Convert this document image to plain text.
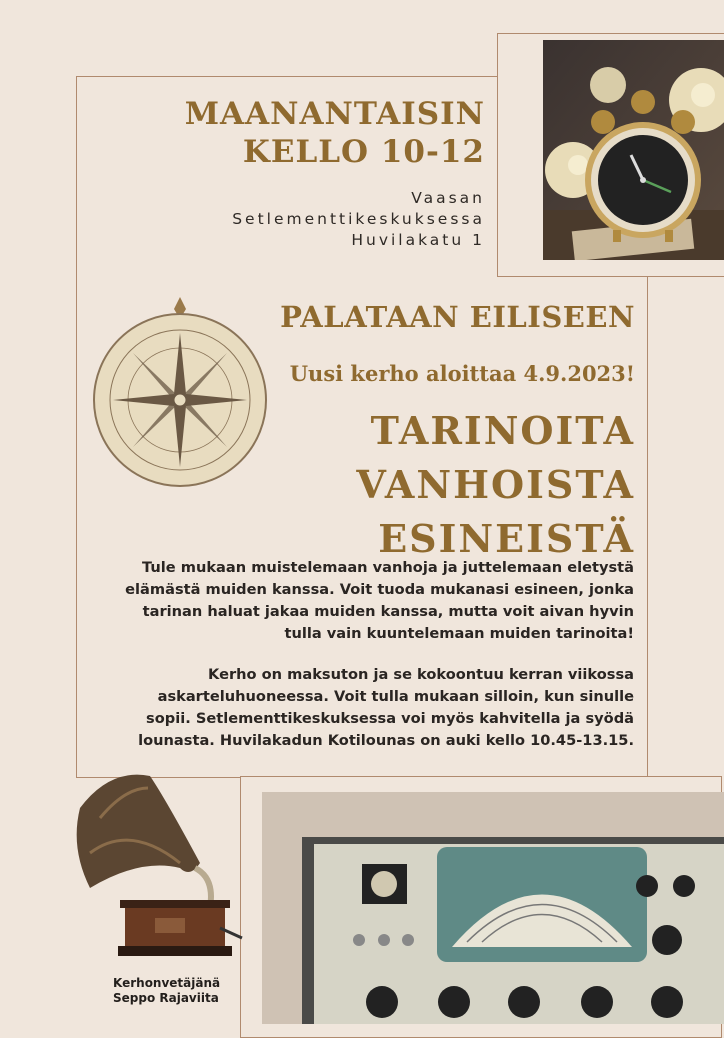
MAANANTAISIN
KELLO 10-12
Vaasan
Setlementtikeskuksessa
Huvilakatu 1
PALATAAN EILISEEN
Uusi kerho aloittaa 4.9.2023!
TARINOITA
VANHOISTA
ESINEISTÄ
Tule mukaan muistelemaan vanhoja ja juttelemaan eletystä
elämästä muiden kanssa. Voit tuoda mukanasi esineen, jonka
tarinan haluat jakaa muiden kanssa, mutta voit aivan hyvin
tulla vain kuuntelemaan muiden tarinoita!
Kerho on maksuton ja se kokoontuu kerran viikossa
askarteluhuoneessa. Voit tulla mukaan silloin, kun sinulle
sopii. Setlementtikeskuksessa voi myös kahvitella ja syödä
lounasta. Huvilakadun Kotilounas on auki kello 10.45-13.15.
Kerhonvetäjänä
Seppo Rajaviita
